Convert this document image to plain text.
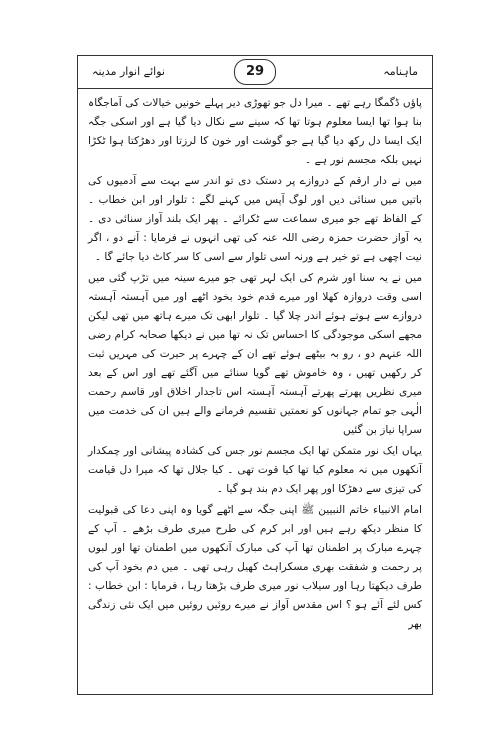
نوائے انوار مدینہ	29	ماہنامہ

پاؤں ڈگمگا رہے تھے ۔ میرا دل جو تھوڑی دیر پہلے خونیں خیالات کی آماجگاہ بنا ہوا تھا ایسا معلوم ہوتا تھا کہ سینے سے نکال دیا گیا ہے اور اسکی جگہ ایک ایسا دل رکھ دیا گیا ہے جو گوشت اور خون کا لرزتا اور دھڑکتا ہوا ٹکڑا نہیں بلکہ مجسم نور ہے ۔

میں نے دار ارقم کے دروازے پر دستک دی تو اندر سے بہت سے آدمیوں کی باتیں میں سنائی دیں اور لوگ آپس میں کہنے لگے : تلوار اور ابن خطاب ۔ کے الفاظ تھے جو میری سماعت سے ٹکرائے ۔ پھر ایک بلند آواز سنائی دی ۔ یہ آواز حضرت حمزہ رضی اللہ عنہ کی تھی انہوں نے فرمایا : آنے دو ، اگر نیت اچھی ہے تو خیر ہے ورنہ اسی تلوار سے اسی کا سر کاٹ دیا جائے گا ۔

میں نے یہ سنا اور شرم کی ایک لہر تھی جو میرے سینہ میں تڑپ گئی میں اسی وقت دروازہ کھلا اور میرے قدم خود بخود اٹھے اور میں آہستہ آہستہ دروازے سے ہوتے ہوئے اندر چلا گیا ۔ تلوار ابھی تک میرے ہاتھ میں تھی لیکن مجھے اسکی موجودگی کا احساس تک نہ تھا میں نے دیکھا صحابہ کرام رضی اللہ عنہم دو ، رو بہ بیٹھے ہوئے تھے ان کے چہرے پر حیرت کی مہریں ثبت کر رکھیں تھیں ، وہ خاموش تھے گویا سنائے میں آگئے تھے اور اس کے بعد میری نظریں پھرتے پھرتے آہستہ آہستہ اس تاجدار اخلاق اور قاسم رحمت الٰہی جو تمام جہانوں کو نعمتیں تقسیم فرمانے والے ہیں ان کی خدمت میں سراپا نیاز بن گئیں

یہاں ایک نور متمکن تھا ایک مجسم نور جس کی کشادہ پیشانی اور چمکدار آنکھوں میں نہ معلوم کیا تھا کیا قوت تھی ۔ کیا جلال تھا کہ میرا دل قیامت کی تیزی سے دھڑکا اور پھر ایک دم بند ہو گیا ۔

امام الانبیاء خاتم النبیین ﷺ اپنی جگہ سے اٹھے گویا وہ اپنی دعا کی قبولیت کا منظر دیکھ رہے ہیں اور ابر کرم کی طرح میری طرف بڑھے ۔ آپ کے چہرے مبارک پر اطمنان تھا آپ کی مبارک آنکھوں میں اطمنان تھا اور لبوں پر رحمت و شفقت بھری مسکراہٹ کھیل رہی تھی ۔ میں دم بخود آپ کی طرف دیکھتا رہا اور سیلاب نور میری طرف بڑھتا رہا ، فرمایا : ابن خطاب : کس لئے آئے ہو ؟ اس مقدس آواز نے میرے روئیں روئیں میں ایک نئی زندگی بھر
